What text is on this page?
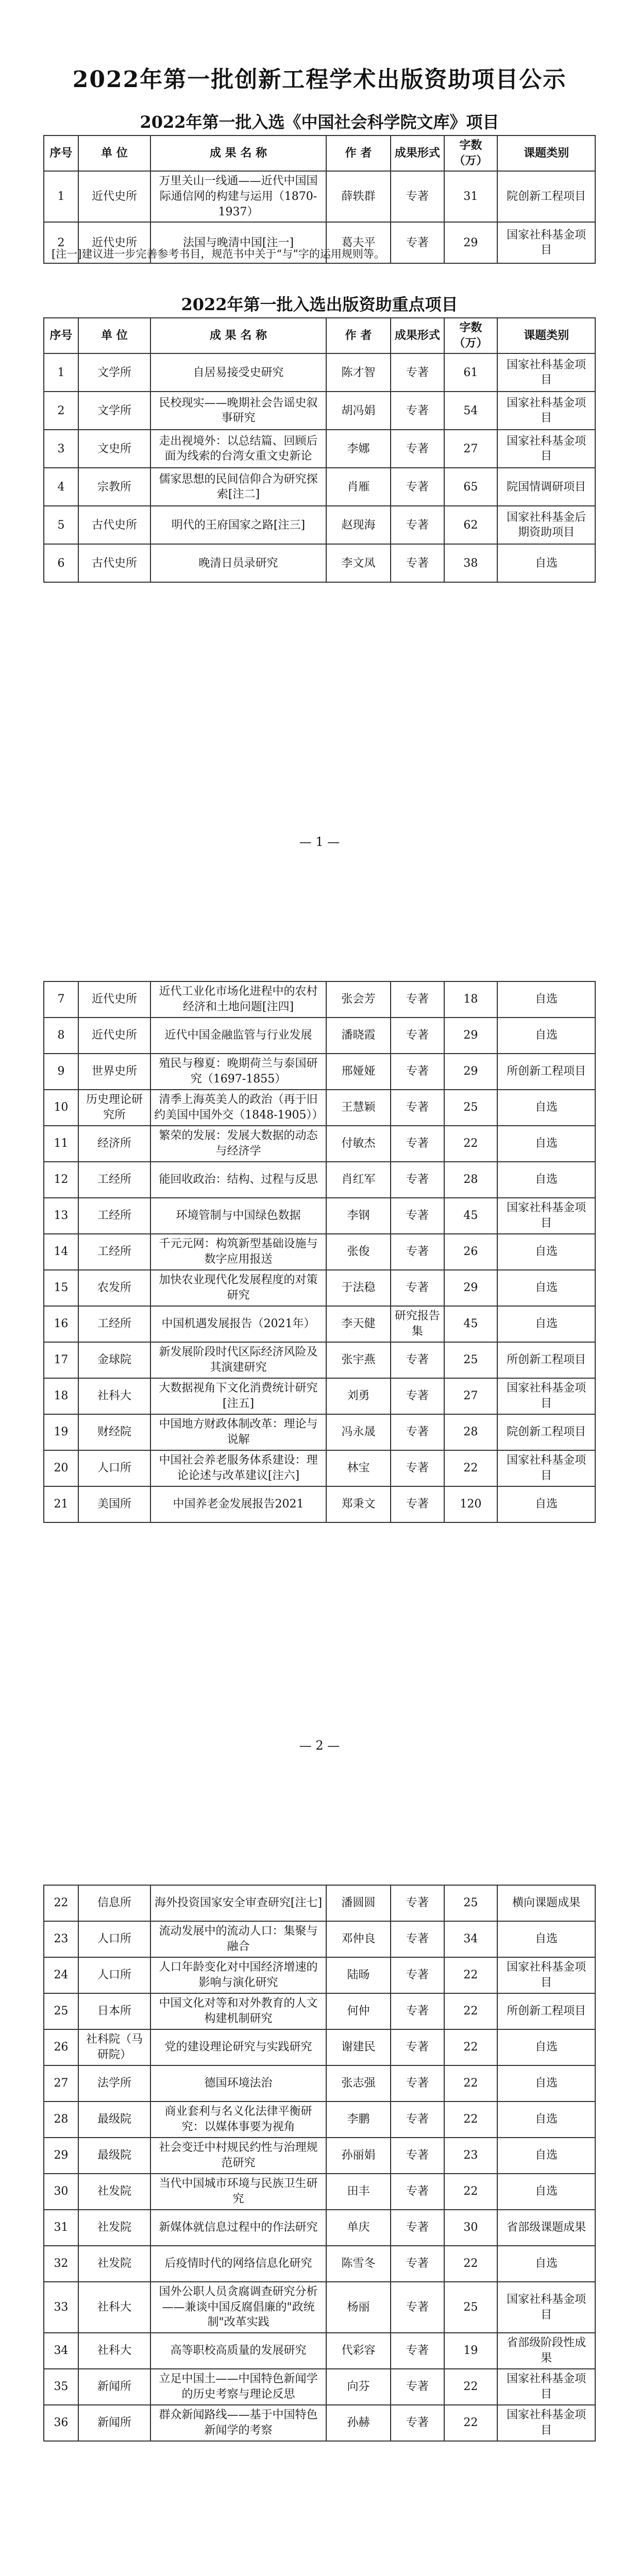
2022年第一批创新工程学术出版资助项目公示
2022年第一批入选《中国社会科学院文库》项目
序号	单 位	成 果 名 称	作 者	成果形式	字数（万）	课题类别
1	近代史所	万里关山一线通——近代中国国际通信网的构建与运用（1870-1937）	薛轶群	专著	31	院创新工程项目
2	近代史所	法国与晚清中国[注一]	葛夫平	专著	29	国家社科基金项目
[注一]建议进一步完善参考书目，规范书中关于“与”字的运用规则等。
2022年第一批入选出版资助重点项目
序号	单 位	成 果 名 称	作 者	成果形式	字数（万）	课题类别
1	文学所	自居易接受史研究	陈才智	专著	61	国家社科基金项目
2	文学所	民校现实——晚期社会告谣史叙事研究	胡冯娟	专著	54	国家社科基金项目
3	文史所	走出视境外：以总结篇、回顾后面为线索的台湾女重文史新论	李娜	专著	27	国家社科基金项目
4	宗教所	儒家思想的民间信仰合为研究探索[注二]	肖雁	专著	65	院国情调研项目
5	古代史所	明代的王府国家之路[注三]	赵现海	专著	62	国家社科基金后期资助项目
6	古代史所	晚清日员录研究	李文凤	专著	38	自选
— 1 —
7	近代史所	近代工业化市场化进程中的农村经济和土地问题[注四]	张会芳	专著	18	自选
8	近代史所	近代中国金融监管与行业发展	潘晓霞	专著	29	自选
9	世界史所	殖民与穆夏：晚期荷兰与泰国研究（1697-1855）	邢娅娅	专著	29	所创新工程项目
10	历史理论研究所	清季上海英美人的政治（再于旧约美国中国外交（1848-1905））	王慧颖	专著	25	自选
11	经济所	繁荣的发展：发展大数据的动态与经济学	付敏杰	专著	22	自选
12	工经所	能回收政治：结构、过程与反思	肖红军	专著	28	自选
13	工经所	环境管制与中国绿色数据	李钢	专著	45	国家社科基金项目
14	工经所	千元元网：构筑新型基础设施与数字应用报送	张俊	专著	26	自选
15	农发所	加快农业现代化发展程度的对策研究	于法稳	专著	29	自选
16	工经所	中国机遇发展报告（2021年）	李天健	研究报告集	45	自选
17	金球院	新发展阶段时代区际经济风险及其演建研究	张宇燕	专著	25	所创新工程项目
18	社科大	大数据视角下文化消费统计研究[注五]	刘勇	专著	27	国家社科基金项目
19	财经院	中国地方财政体制改革：理论与说解	冯永晟	专著	28	院创新工程项目
20	人口所	中国社会养老服务体系建设：理论论述与改革建议[注六]	林宝	专著	22	国家社科基金项目
21	美国所	中国养老金发展报告2021	郑秉文	专著	120	自选
— 2 —
22	信息所	海外投资国家安全审查研究[注七]	潘圆圆	专著	25	横向课题成果
23	人口所	流动发展中的流动人口：集聚与融合	邓仲良	专著	34	自选
24	人口所	人口年龄变化对中国经济增速的影响与演化研究	陆旸	专著	22	国家社科基金项目
25	日本所	中国文化对等和对外教育的人文构建机制研究	何仲	专著	22	所创新工程项目
26	社科院（马研院）	党的建设理论研究与实践研究	谢建民	专著	22	自选
27	法学所	德国环境法治	张志强	专著	22	自选
28	最级院	商业套利与名义化法律平衡研究：以媒体事要为视角	李鹏	专著	22	自选
29	最级院	社会变迁中村规民约性与治理规范研究	孙丽娟	专著	23	自选
30	社发院	当代中国城市环境与民族卫生研究	田丰	专著	22	自选
31	社发院	新媒体就信息过程中的作法研究	单庆	专著	30	省部级课题成果
32	社发院	后疫情时代的网络信息化研究	陈雪冬	专著	22	自选
33	社科大	国外公职人员贪腐调查研究分析——兼谈中国反腐倡廉的"政统制"改革实践	杨丽	专著	25	国家社科基金项目
34	社科大	高等职校高质量的发展研究	代彩容	专著	19	省部级阶段性成果
35	新闻所	立足中国土——中国特色新闻学的历史考察与理论反思	向芬	专著	22	国家社科基金项目
36	新闻所	群众新闻路线——基于中国特色新闻学的考察	孙赫	专著	22	国家社科基金项目
